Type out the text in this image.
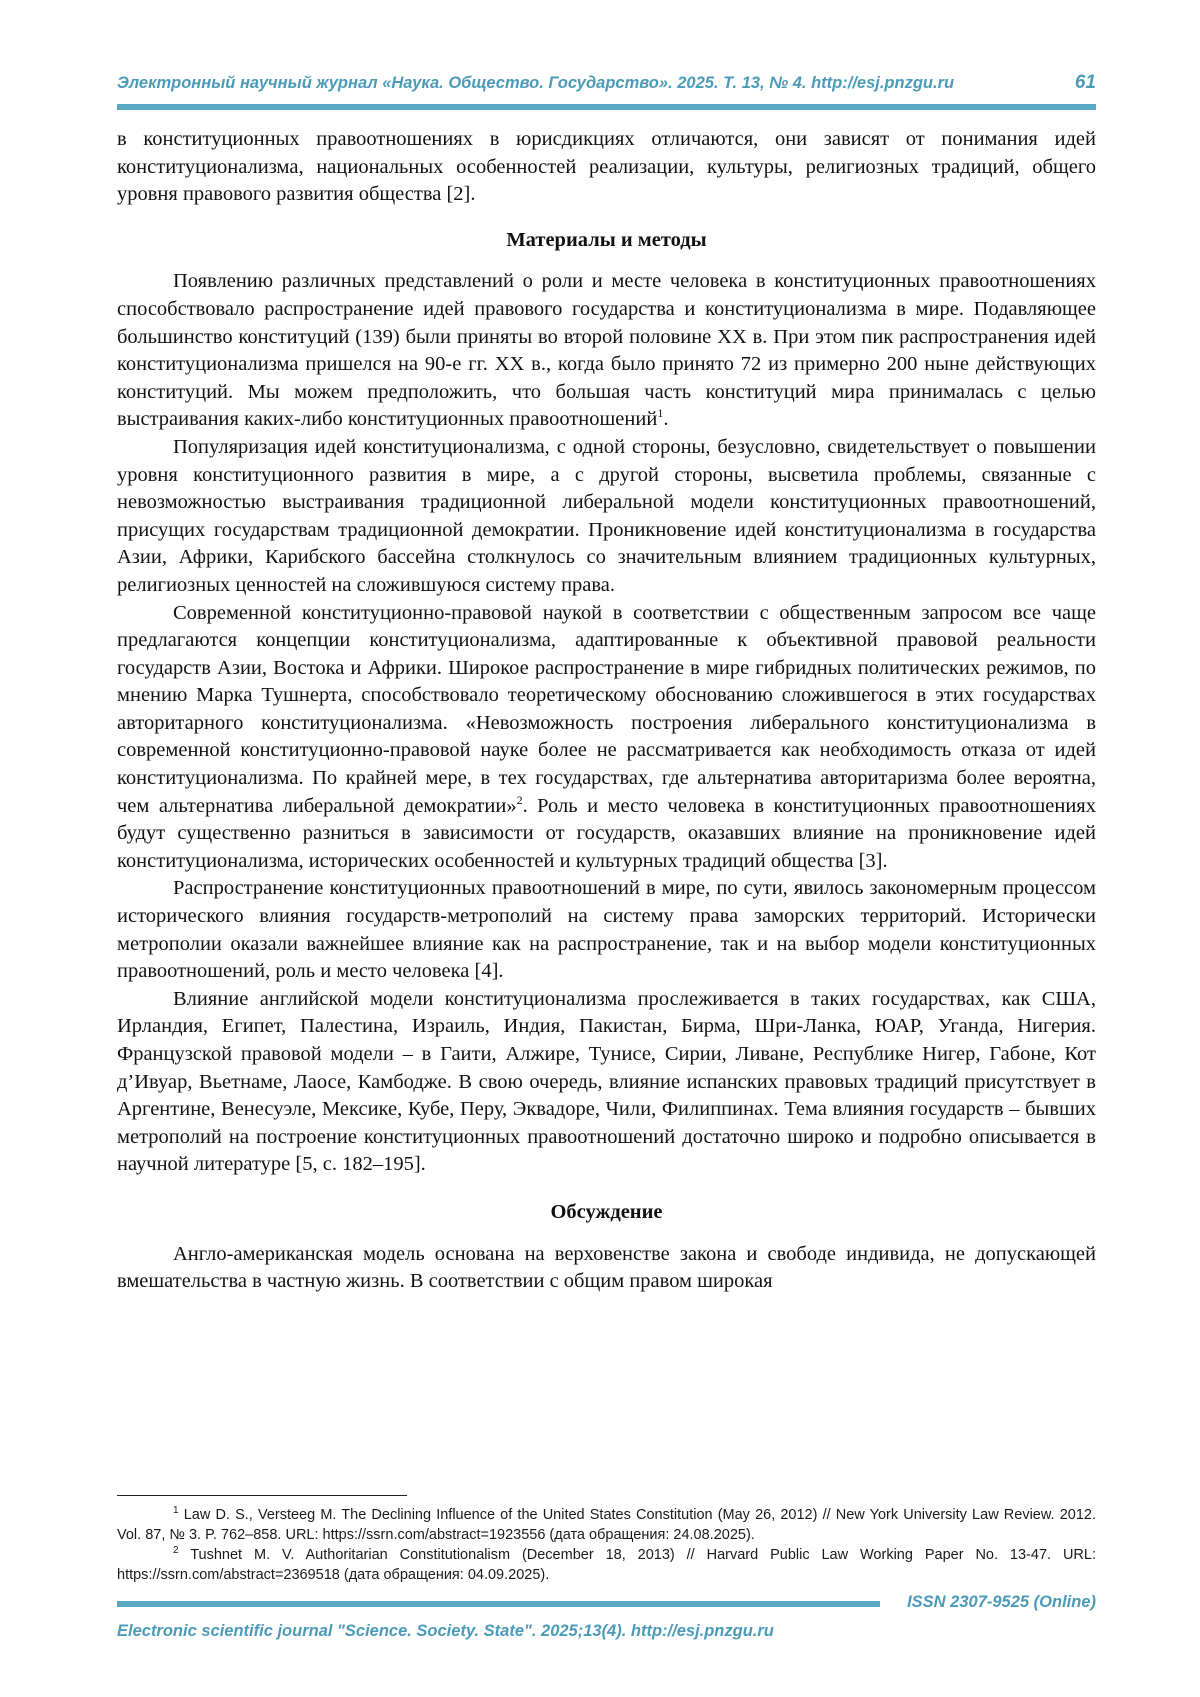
Электронный научный журнал «Наука. Общество. Государство». 2025. Т. 13, № 4. http://esj.pnzgu.ru	61

в конституционных правоотношениях в юрисдикциях отличаются, они зависят от понимания идей конституционализма, национальных особенностей реализации, культуры, религиозных традиций, общего уровня правового развития общества [2].

Материалы и методы

Появлению различных представлений о роли и месте человека в конституционных правоотношениях способствовало распространение идей правового государства и конституционализма в мире. Подавляющее большинство конституций (139) были приняты во второй половине XX в. При этом пик распространения идей конституционализма пришелся на 90-е гг. XX в., когда было принято 72 из примерно 200 ныне действующих конституций. Мы можем предположить, что большая часть конституций мира принималась с целью выстраивания каких-либо конституционных правоотношений$^1$.

Популяризация идей конституционализма, с одной стороны, безусловно, свидетельствует о повышении уровня конституционного развития в мире, а с другой стороны, высветила проблемы, связанные с невозможностью выстраивания традиционной либеральной модели конституционных правоотношений, присущих государствам традиционной демократии. Проникновение идей конституционализма в государства Азии, Африки, Карибского бассейна столкнулось со значительным влиянием традиционных культурных, религиозных ценностей на сложившуюся систему права.

Современной конституционно-правовой наукой в соответствии с общественным запросом все чаще предлагаются концепции конституционализма, адаптированные к объективной правовой реальности государств Азии, Востока и Африки. Широкое распространение в мире гибридных политических режимов, по мнению Марка Тушнерта, способствовало теоретическому обоснованию сложившегося в этих государствах авторитарного конституционализма. «Невозможность построения либерального конституционализма в современной конституционно-правовой науке более не рассматривается как необходимость отказа от идей конституционализма. По крайней мере, в тех государствах, где альтернатива авторитаризма более вероятна, чем альтернатива либеральной демократии»$^2$. Роль и место человека в конституционных правоотношениях будут существенно разниться в зависимости от государств, оказавших влияние на проникновение идей конституционализма, исторических особенностей и культурных традиций общества [3].

Распространение конституционных правоотношений в мире, по сути, явилось закономерным процессом исторического влияния государств-метрополий на систему права заморских территорий. Исторически метрополии оказали важнейшее влияние как на распространение, так и на выбор модели конституционных правоотношений, роль и место человека [4].

Влияние английской модели конституционализма прослеживается в таких государствах, как США, Ирландия, Египет, Палестина, Израиль, Индия, Пакистан, Бирма, Шри-Ланка, ЮАР, Уганда, Нигерия. Французской правовой модели – в Гаити, Алжире, Тунисе, Сирии, Ливане, Республике Нигер, Габоне, Кот д’Ивуар, Вьетнаме, Лаосе, Камбодже. В свою очередь, влияние испанских правовых традиций присутствует в Аргентине, Венесуэле, Мексике, Кубе, Перу, Эквадоре, Чили, Филиппинах. Тема влияния государств – бывших метрополий на построение конституционных правоотношений достаточно широко и подробно описывается в научной литературе [5, с. 182–195].

Обсуждение

Англо-американская модель основана на верховенстве закона и свободе индивида, не допускающей вмешательства в частную жизнь. В соответствии с общим правом широкая

$^1$ Law D. S., Versteeg M. The Declining Influence of the United States Constitution (May 26, 2012) // New York University Law Review. 2012. Vol. 87, № 3. P. 762–858. URL: https://ssrn.com/abstract=1923556 (дата обращения: 24.08.2025).

$^2$ Tushnet M. V. Authoritarian Constitutionalism (December 18, 2013) // Harvard Public Law Working Paper No. 13-47. URL: https://ssrn.com/abstract=2369518 (дата обращения: 04.09.2025).

ISSN 2307-9525 (Online)
Electronic scientific journal "Science. Society. State". 2025;13(4). http://esj.pnzgu.ru
